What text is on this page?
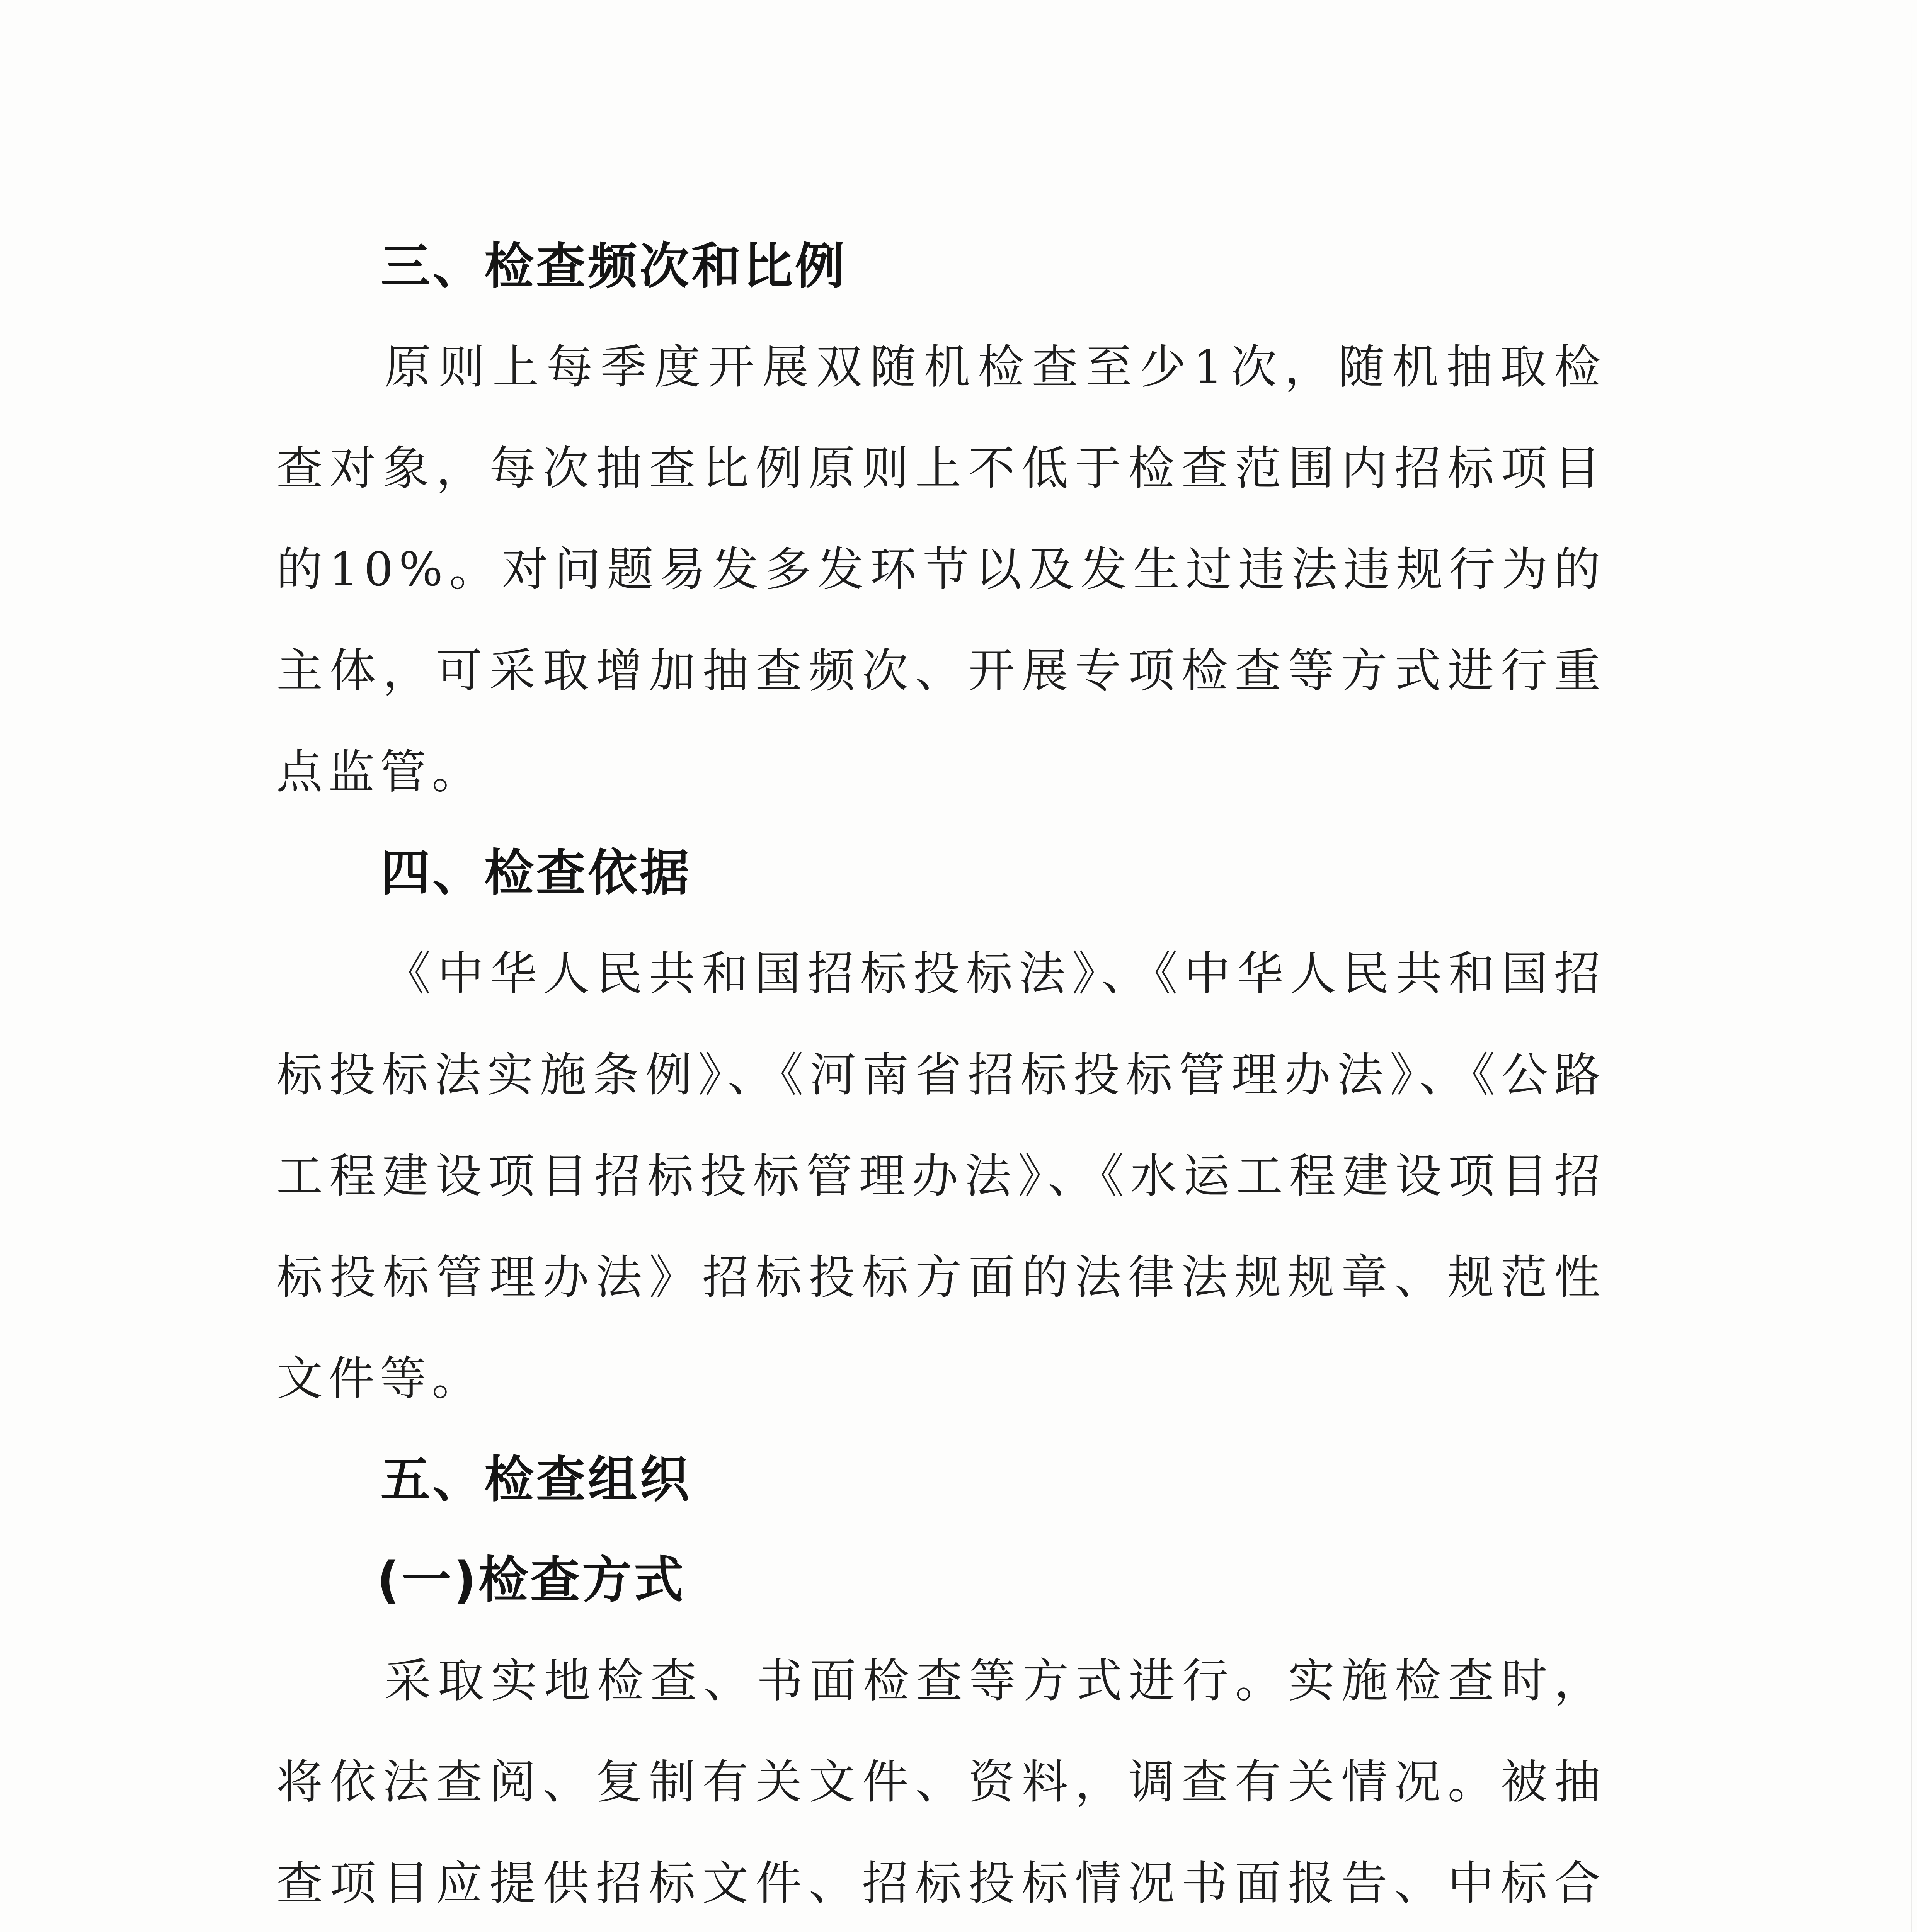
三、检查频次和比例

原则上每季度开展双随机检查至少1次，随机抽取检查对象，每次抽查比例原则上不低于检查范围内招标项目的10%。对问题易发多发环节以及发生过违法违规行为的主体，可采取增加抽查频次、开展专项检查等方式进行重点监管。

四、检查依据

《中华人民共和国招标投标法》、《中华人民共和国招标投标法实施条例》、《河南省招标投标管理办法》、《公路工程建设项目招标投标管理办法》、《水运工程建设项目招标投标管理办法》招标投标方面的法律法规规章、规范性文件等。

五、检查组织
(一)检查方式

采取实地检查、书面检查等方式进行。实施检查时，将依法查阅、复制有关文件、资料，调查有关情况。被抽查项目应提供招标文件、招标投标情况书面报告、中标合
